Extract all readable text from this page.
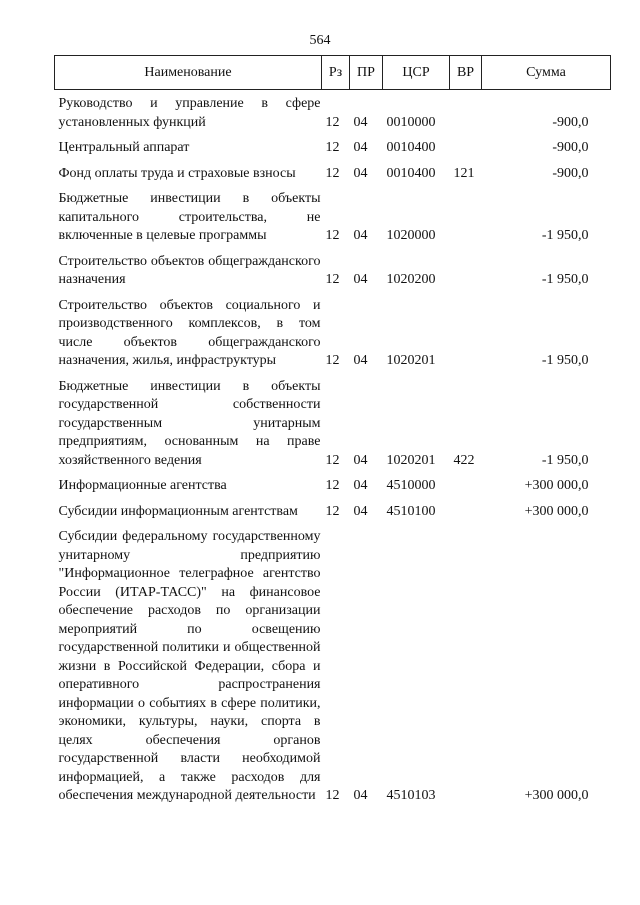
564
Наименование	Рз	ПР	ЦСР	ВР	Сумма
Руководство и управление в сфере установленных функций	12	04	0010000		-900,0
Центральный аппарат	12	04	0010400		-900,0
Фонд оплаты труда и страховые взносы	12	04	0010400	121	-900,0
Бюджетные инвестиции в объекты капитального строительства, не включенные в целевые программы	12	04	1020000		-1 950,0
Строительство объектов общегражданского назначения	12	04	1020200		-1 950,0
Строительство объектов социального и производственного комплексов, в том числе объектов общегражданского назначения, жилья, инфраструктуры	12	04	1020201		-1 950,0
Бюджетные инвестиции в объекты государственной собственности государственным унитарным предприятиям, основанным на праве хозяйственного ведения	12	04	1020201	422	-1 950,0
Информационные агентства	12	04	4510000		+300 000,0
Субсидии информационным агентствам	12	04	4510100		+300 000,0
Субсидии федеральному государственному унитарному предприятию "Информационное телеграфное агентство России (ИТАР-ТАСС)" на финансовое обеспечение расходов по организации мероприятий по освещению государственной политики и общественной жизни в Российской Федерации, сбора и оперативного распространения информации о событиях в сфере политики, экономики, культуры, науки, спорта в целях обеспечения органов государственной власти необходимой информацией, а также расходов для обеспечения международной деятельности	12	04	4510103		+300 000,0
